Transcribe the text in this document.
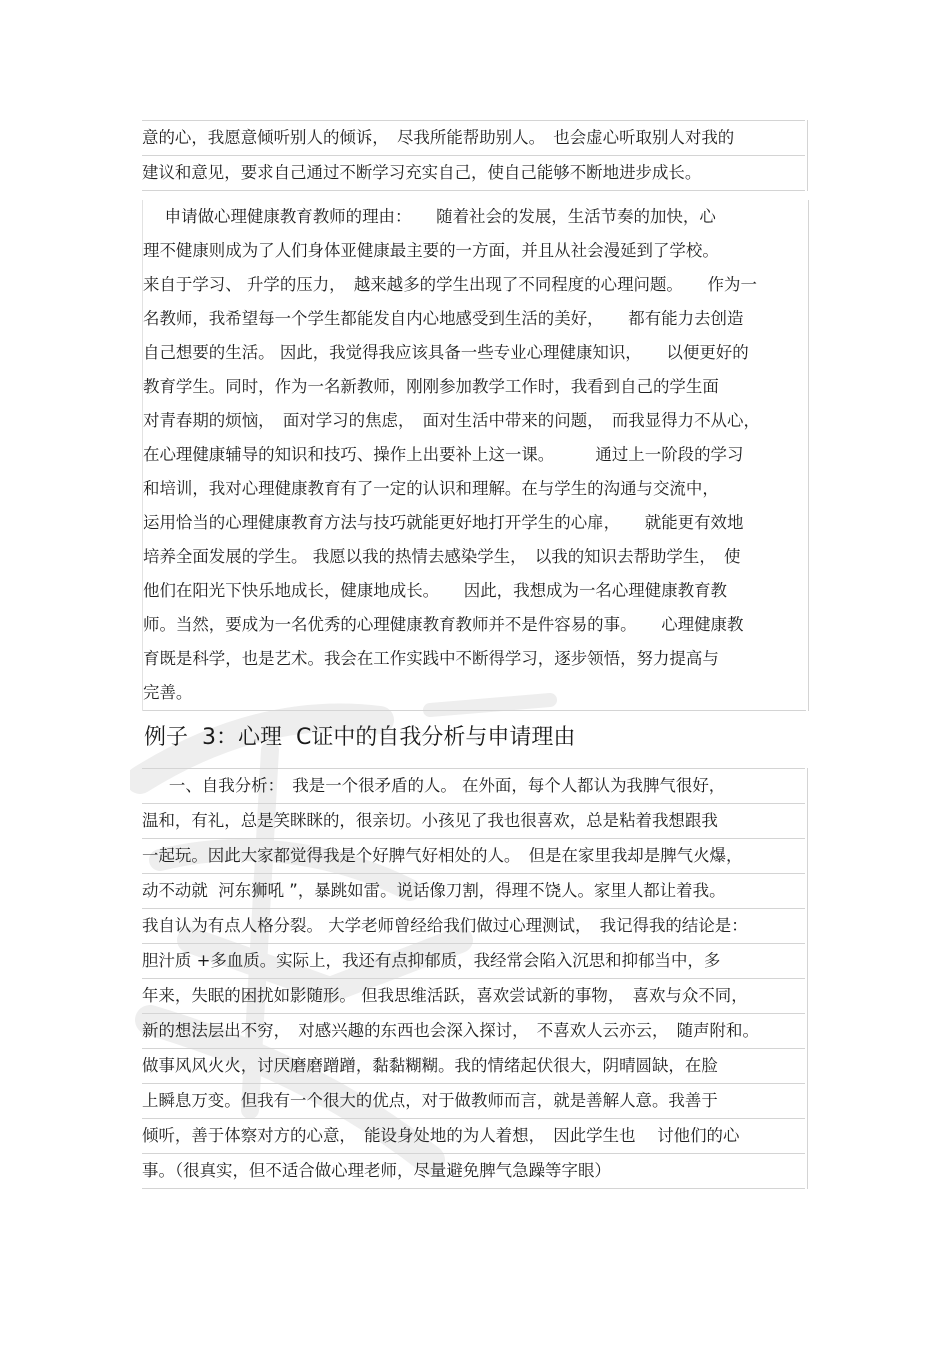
意的心，我愿意倾听别人的倾诉，　尽我所能帮助别人。　也会虚心听取别人对我的
建议和意见，要求自己通过不断学习充实自己，使自己能够不断地进步成长。
　 申请做心理健康教育教师的理由：　　随着社会的发展，生活节奏的加快，心
理不健康则成为了人们身体亚健康最主要的一方面，并且从社会漫延到了学校。
来自于学习、 升学的压力，　越来越多的学生出现了不同程度的心理问题。　　作为一
名教师，我希望每一个学生都能发自内心地感受到生活的美好，　　都有能力去创造
自己想要的生活。 因此，我觉得我应该具备一些专业心理健康知识，　　以便更好的
教育学生。同时，作为一名新教师，刚刚参加教学工作时，我看到自己的学生面
对青春期的烦恼，　面对学习的焦虑，　面对生活中带来的问题，　而我显得力不从心，
在心理健康辅导的知识和技巧、操作上出要补上这一课。　　　通过上一阶段的学习
和培训，我对心理健康教育有了一定的认识和理解。在与学生的沟通与交流中，
运用恰当的心理健康教育方法与技巧就能更好地打开学生的心扉，　　就能更有效地
培养全面发展的学生。 我愿以我的热情去感染学生，　以我的知识去帮助学生，　使
他们在阳光下快乐地成长，健康地成长。　　因此，我想成为一名心理健康教育教
师。当然，要成为一名优秀的心理健康教育教师并不是件容易的事。　　心理健康教
育既是科学，也是艺术。我会在工作实践中不断得学习，逐步领悟，努力提高与
完善。
例子  3：心理  C证中的自我分析与申请理由
　  一、自我分析：　我是一个很矛盾的人。 在外面，每个人都认为我脾气很好，
温和，有礼，总是笑眯眯的，很亲切。小孩见了我也很喜欢，总是粘着我想跟我
一起玩。因此大家都觉得我是个好脾气好相处的人。　但是在家里我却是脾气火爆，
动不动就  河东狮吼 ”，暴跳如雷。说话像刀割，得理不饶人。家里人都让着我。
我自认为有点人格分裂。 大学老师曾经给我们做过心理测试，　我记得我的结论是：
胆汁质 +多血质。实际上，我还有点抑郁质，我经常会陷入沉思和抑郁当中，多
年来，失眠的困扰如影随形。 但我思维活跃，喜欢尝试新的事物，　喜欢与众不同，
新的想法层出不穷，　对感兴趣的东西也会深入探讨，　不喜欢人云亦云，　随声附和。
做事风风火火，讨厌磨磨蹭蹭，黏黏糊糊。我的情绪起伏很大，阴晴圆缺，在脸
上瞬息万变。但我有一个很大的优点，对于做教师而言，就是善解人意。我善于
倾听，善于体察对方的心意，　能设身处地的为人着想，　因此学生也　 讨他们的心
事。（很真实，但不适合做心理老师，尽量避免脾气急躁等字眼）
